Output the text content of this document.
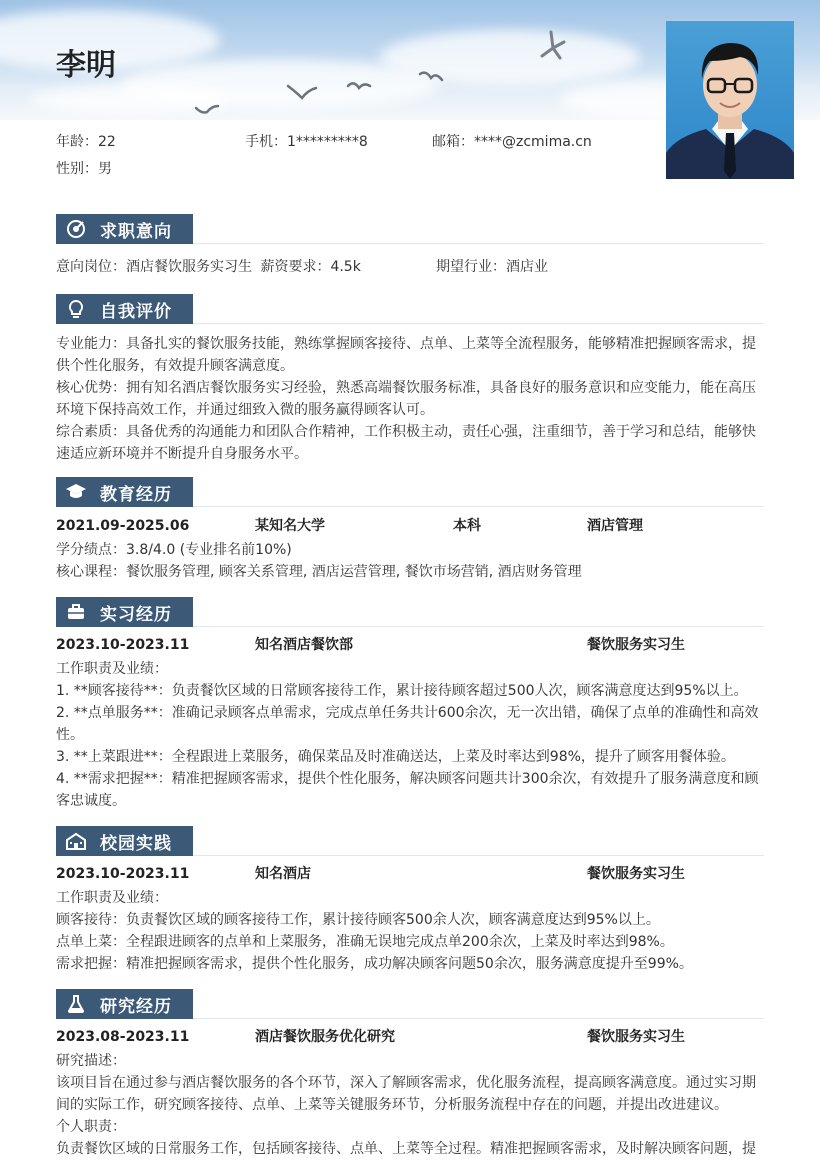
李明
年龄：22	手机：1*********8	邮箱：****@zcmima.cn
性别：男
求职意向
意向岗位：酒店餐饮服务实习生 薪资要求：4.5k	期望行业：酒店业
自我评价
专业能力：具备扎实的餐饮服务技能，熟练掌握顾客接待、点单、上菜等全流程服务，能够精准把握顾客需求，提供个性化服务，有效提升顾客满意度。
核心优势：拥有知名酒店餐饮服务实习经验，熟悉高端餐饮服务标准，具备良好的服务意识和应变能力，能在高压环境下保持高效工作，并通过细致入微的服务赢得顾客认可。
综合素质：具备优秀的沟通能力和团队合作精神，工作积极主动，责任心强，注重细节，善于学习和总结，能够快速适应新环境并不断提升自身服务水平。
教育经历
2021.09-2025.06	某知名大学	本科	酒店管理
学分绩点：3.8/4.0 (专业排名前10%)
核心课程：餐饮服务管理, 顾客关系管理, 酒店运营管理, 餐饮市场营销, 酒店财务管理
实习经历
2023.10-2023.11	知名酒店餐饮部	餐饮服务实习生
工作职责及业绩：
1. **顾客接待**：负责餐饮区域的日常顾客接待工作，累计接待顾客超过500人次，顾客满意度达到95%以上。
2. **点单服务**：准确记录顾客点单需求，完成点单任务共计600余次，无一次出错，确保了点单的准确性和高效性。
3. **上菜跟进**：全程跟进上菜服务，确保菜品及时准确送达，上菜及时率达到98%，提升了顾客用餐体验。
4. **需求把握**：精准把握顾客需求，提供个性化服务，解决顾客问题共计300余次，有效提升了服务满意度和顾客忠诚度。
校园实践
2023.10-2023.11	知名酒店	餐饮服务实习生
工作职责及业绩：
顾客接待：负责餐饮区域的顾客接待工作，累计接待顾客500余人次，顾客满意度达到95%以上。
点单上菜：全程跟进顾客的点单和上菜服务，准确无误地完成点单200余次，上菜及时率达到98%。
需求把握：精准把握顾客需求，提供个性化服务，成功解决顾客问题50余次，服务满意度提升至99%。
研究经历
2023.08-2023.11	酒店餐饮服务优化研究	餐饮服务实习生
研究描述：
该项目旨在通过参与酒店餐饮服务的各个环节，深入了解顾客需求，优化服务流程，提高顾客满意度。通过实习期间的实际工作，研究顾客接待、点单、上菜等关键服务环节，分析服务流程中存在的问题，并提出改进建议。
个人职责：
负责餐饮区域的日常服务工作，包括顾客接待、点单、上菜等全过程。精准把握顾客需求，及时解决顾客问题，提
